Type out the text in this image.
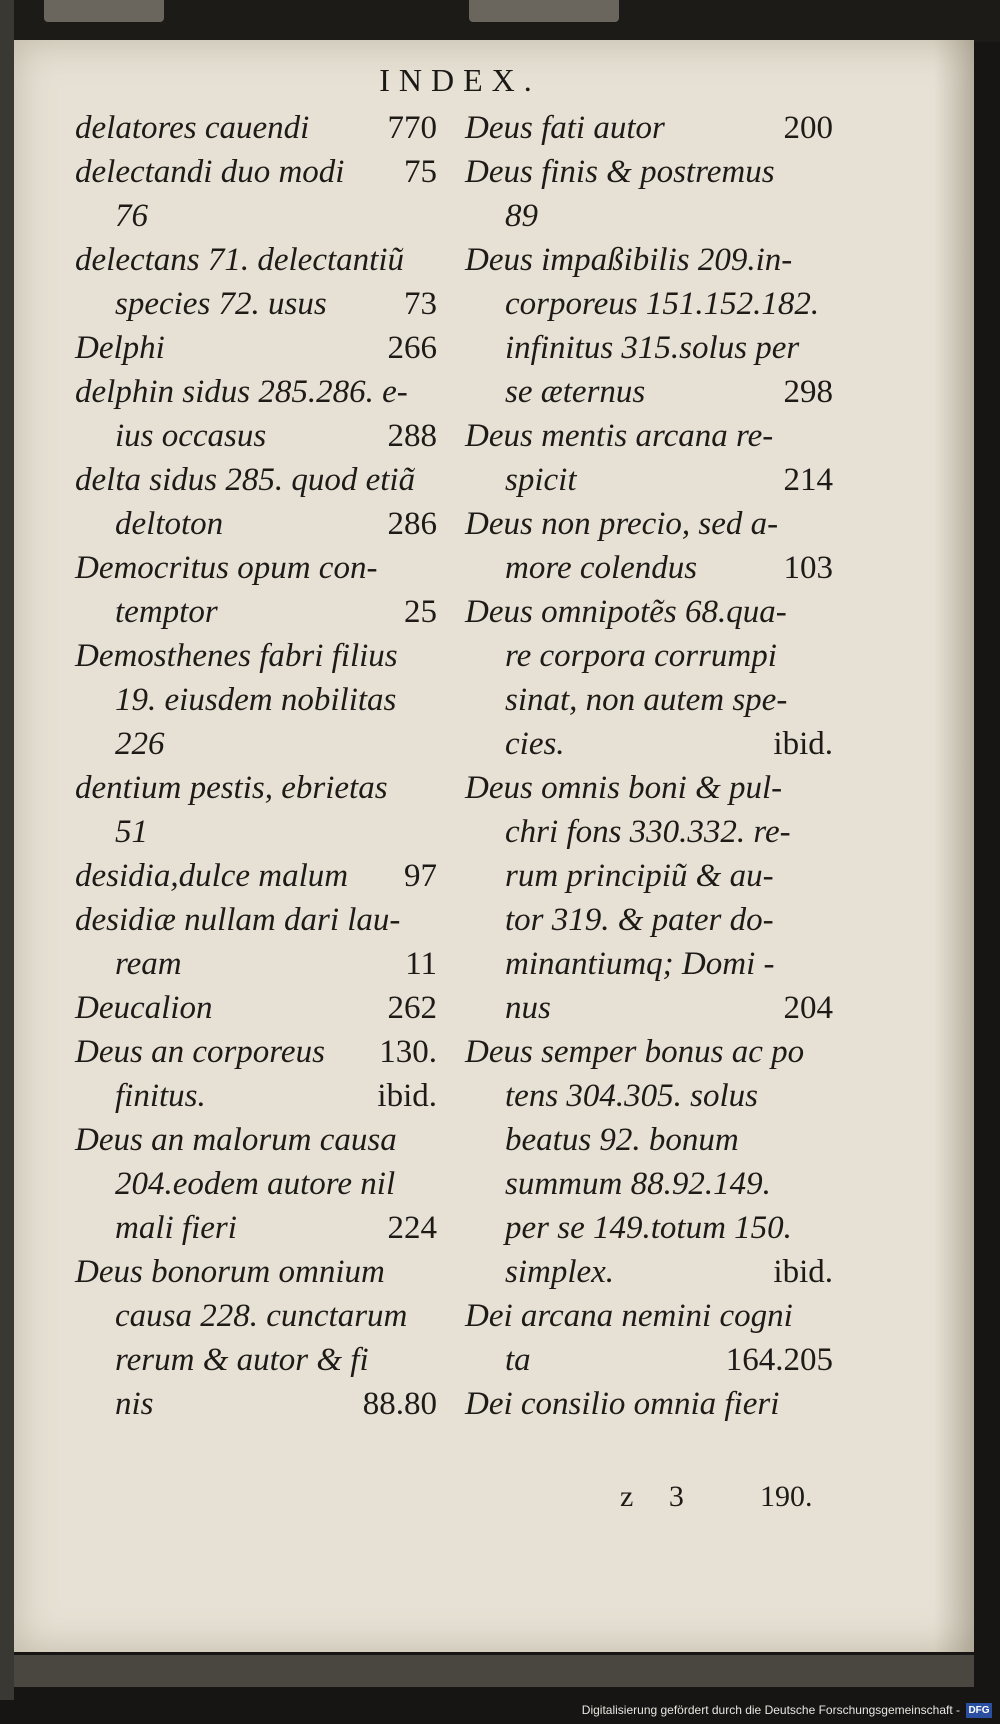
INDEX.
delatores cauendi 770
delectandi duo modi 75
76
delectans 71. delectantiũ
species 72. usus 73
Delphi	266
delphin sidus 285.286. e-
ius occasus	288
delta sidus 285. quod etiã
deltoton	286
Democritus opum con-
temptor	25
Demosthenes fabri filius
19. eiusdem nobilitas
226
dentium pestis, ebrietas
51
desidia,dulce malum 97
desidiæ nullam dari lau-
ream	11
Deucalion	262
Deus an corporeus 130.
finitus.	ibid.
Deus an malorum causa
204.eodem autore nil
mali fieri	224
Deus bonorum omnium
causa 228. cunctarum
rerum & autor & fi
nis	88.80
Deus fati autor	200
Deus finis & postremus
89
Deus impaßibilis 209.in-
corporeus 151.152.182.
infinitus 315.solus per
se æternus	298
Deus mentis arcana re-
spicit	214
Deus non precio, sed a-
more colendus	103
Deus omnipotẽs 68.qua-
re corpora corrumpi
sinat, non autem spe-
cies.	ibid.
Deus omnis boni & pul-
chri fons 330.332. re-
rum principiũ & au-
tor 319. & pater do-
minantiumq; Domi -
nus	204
Deus semper bonus ac po
tens 304.305. solus
beatus 92. bonum
summum 88.92.149.
per se 149.totum 150.
simplex.	ibid.
Dei arcana nemini cogni
ta	164.205
Dei consilio omnia fieri
z 3 190.
Digitalisierung gefördert durch die Deutsche Forschungsgemeinschaft - DFG
